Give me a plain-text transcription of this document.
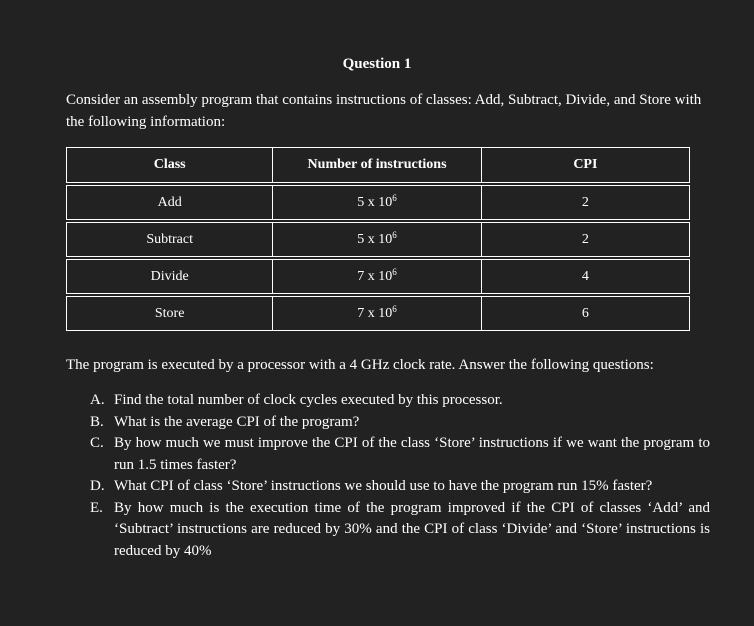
Question 1
Consider an assembly program that contains instructions of classes: Add, Subtract, Divide, and Store with the following information:
Class	Number of instructions	CPI

Add	5 x $10^6$	2

Subtract	5 x $10^6$	2

Divide	7 x $10^6$	4

Store	7 x $10^6$	6
The program is executed by a processor with a 4 GHz clock rate. Answer the following questions:
A. Find the total number of clock cycles executed by this processor.
B. What is the average CPI of the program?
C. By how much we must improve the CPI of the class ‘Store’ instructions if we want the program to run 1.5 times faster?
D. What CPI of class ‘Store’ instructions we should use to have the program run 15% faster?
E. By how much is the execution time of the program improved if the CPI of classes ‘Add’ and ‘Subtract’ instructions are reduced by 30% and the CPI of class ‘Divide’ and ‘Store’ instructions is reduced by 40%
